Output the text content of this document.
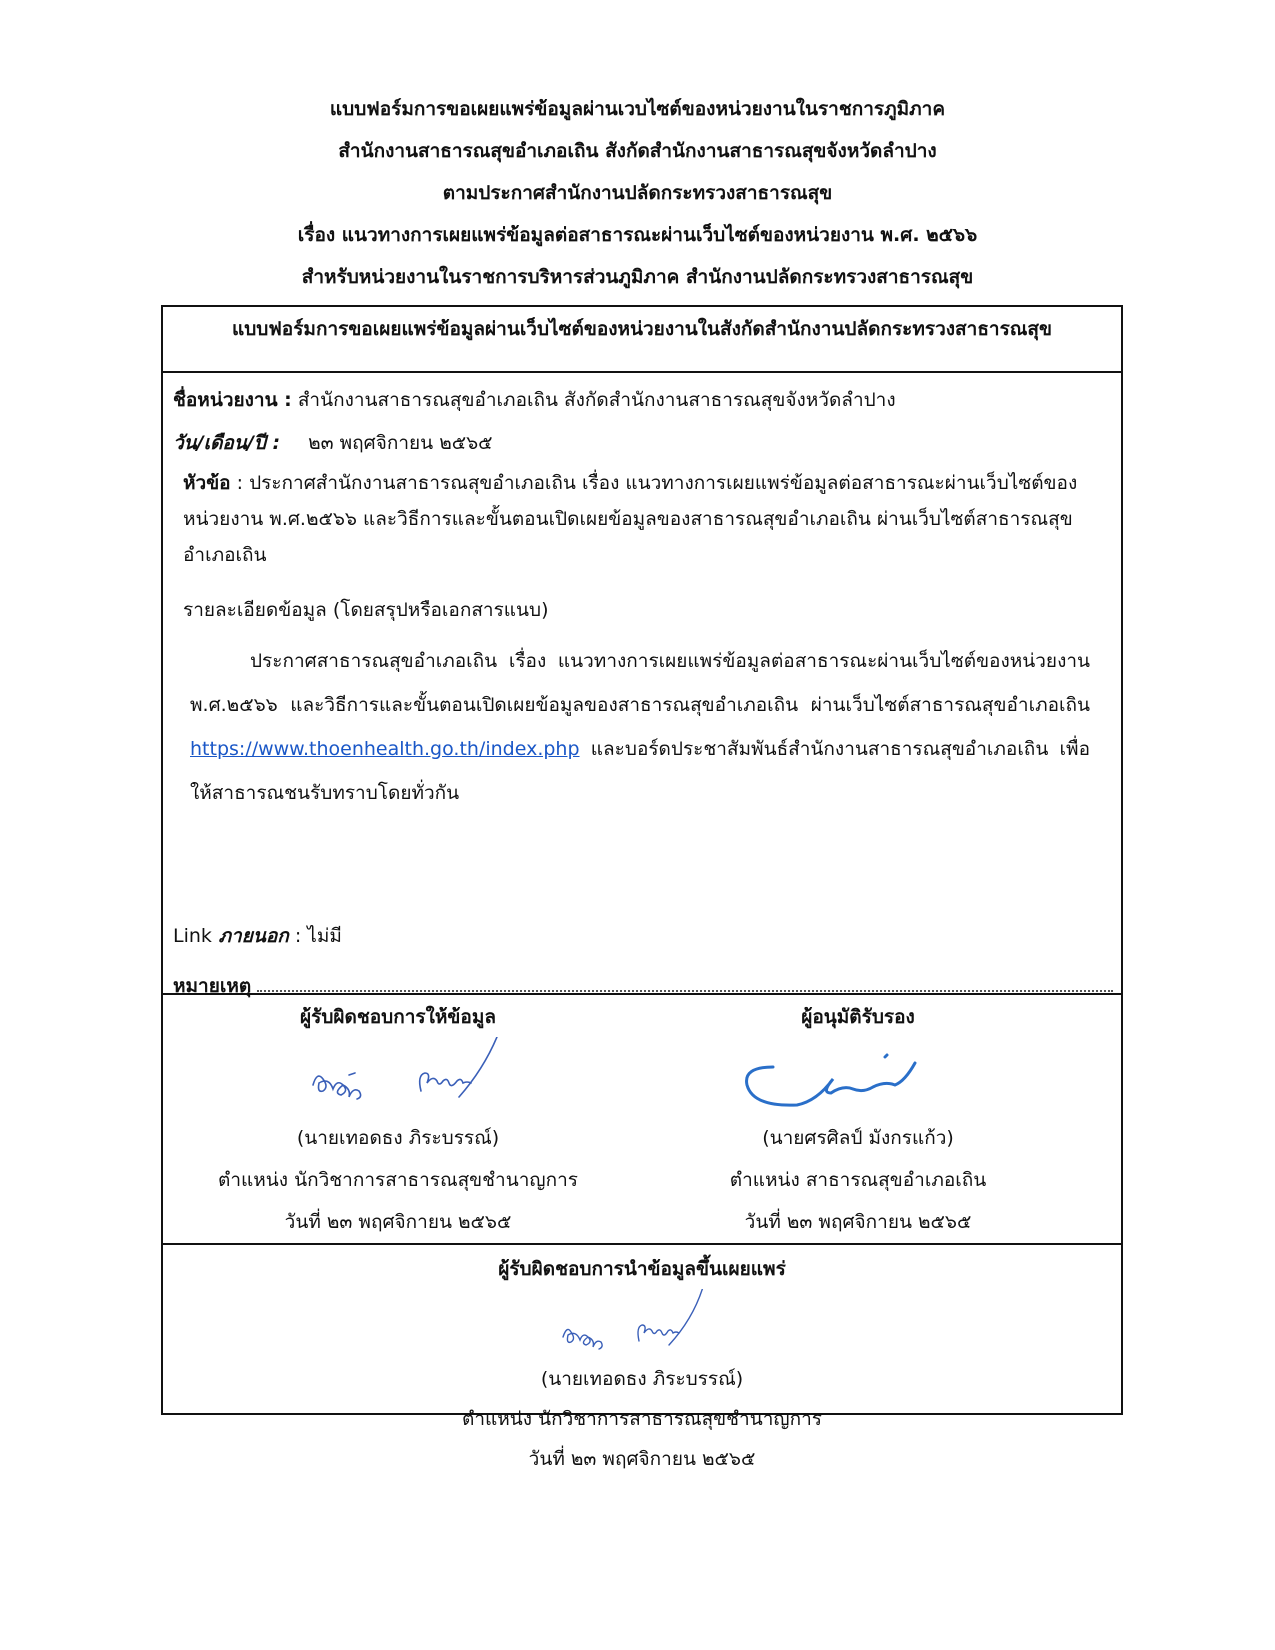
แบบฟอร์มการขอเผยแพร่ข้อมูลผ่านเวบไซต์ของหน่วยงานในราชการภูมิภาค
สำนักงานสาธารณสุขอำเภอเถิน สังกัดสำนักงานสาธารณสุขจังหวัดลำปาง
ตามประกาศสำนักงานปลัดกระทรวงสาธารณสุข
เรื่อง แนวทางการเผยแพร่ข้อมูลต่อสาธารณะผ่านเว็บไซต์ของหน่วยงาน พ.ศ. ๒๕๖๖
สำหรับหน่วยงานในราชการบริหารส่วนภูมิภาค สำนักงานปลัดกระทรวงสาธารณสุข
แบบฟอร์มการขอเผยแพร่ข้อมูลผ่านเว็บไซต์ของหน่วยงานในสังกัดสำนักงานปลัดกระทรวงสาธารณสุข
ชื่อหน่วยงาน : สำนักงานสาธารณสุขอำเภอเถิน สังกัดสำนักงานสาธารณสุขจังหวัดลำปาง
วัน/เดือน/ปี : ๒๓ พฤศจิกายน ๒๕๖๕
หัวข้อ : ประกาศสำนักงานสาธารณสุขอำเภอเถิน เรื่อง แนวทางการเผยแพร่ข้อมูลต่อสาธารณะผ่านเว็บไซต์ของหน่วยงาน พ.ศ.๒๕๖๖ และวิธีการและขั้นตอนเปิดเผยข้อมูลของสาธารณสุขอำเภอเถิน ผ่านเว็บไซต์สาธารณสุขอำเภอเถิน
รายละเอียดข้อมูล (โดยสรุปหรือเอกสารแนบ)
ประกาศสาธารณสุขอำเภอเถิน เรื่อง แนวทางการเผยแพร่ข้อมูลต่อสาธารณะผ่านเว็บไซต์ของหน่วยงาน พ.ศ.๒๕๖๖ และวิธีการและขั้นตอนเปิดเผยข้อมูลของสาธารณสุขอำเภอเถิน ผ่านเว็บไซต์สาธารณสุขอำเภอเถิน https://www.thoenhealth.go.th/index.php และบอร์ดประชาสัมพันธ์สำนักงานสาธารณสุขอำเภอเถิน เพื่อให้สาธารณชนรับทราบโดยทั่วกัน
Link ภายนอก : ไม่มี
หมายเหตุ
ผู้รับผิดชอบการให้ข้อมูล
(นายเทอดธง ภิระบรรณ์)
ตำแหน่ง นักวิชาการสาธารณสุขชำนาญการ
วันที่ ๒๓ พฤศจิกายน ๒๕๖๕
ผู้อนุมัติรับรอง
(นายศรศิลป์ มังกรแก้ว)
ตำแหน่ง สาธารณสุขอำเภอเถิน
วันที่ ๒๓ พฤศจิกายน ๒๕๖๕
ผู้รับผิดชอบการนำข้อมูลขึ้นเผยแพร่
(นายเทอดธง ภิระบรรณ์)
ตำแหน่ง นักวิชาการสาธารณสุขชำนาญการ
วันที่ ๒๓ พฤศจิกายน ๒๕๖๕
